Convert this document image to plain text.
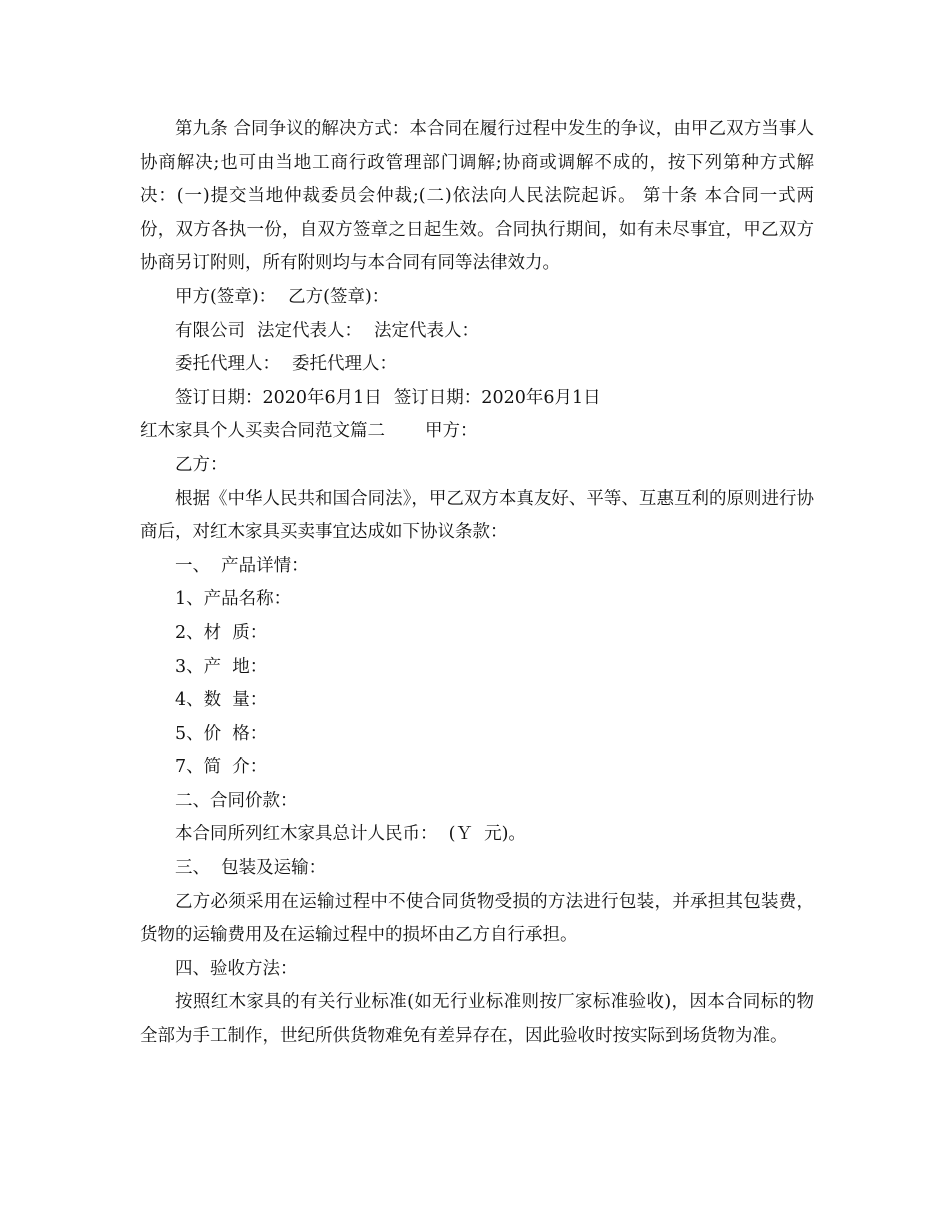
第九条 合同争议的解决方式：本合同在履行过程中发生的争议，由甲乙双方当事人协商解决;也可由当地工商行政管理部门调解;协商或调解不成的，按下列第种方式解决：(一)提交当地仲裁委员会仲裁;(二)依法向人民法院起诉。 第十条 本合同一式两份，双方各执一份，自双方签章之日起生效。合同执行期间，如有未尽事宜，甲乙双方协商另订附则，所有附则均与本合同有同等法律效力。

甲方(签章)： 乙方(签章)：
有限公司 法定代表人： 法定代表人：
委托代理人： 委托代理人：
签订日期：2020年6月1日 签订日期：2020年6月1日
红木家具个人买卖合同范文篇二 甲方：
乙方：

根据《中华人民共和国合同法》，甲乙双方本真友好、平等、互惠互利的原则进行协商后，对红木家具买卖事宜达成如下协议条款：

一、  产品详情：
1、产品名称：
2、材  质：
3、产  地：
4、数  量：
5、价  格：
7、简  介：
二、合同价款：
本合同所列红木家具总计人民币：  (Ｙ  元)。
三、  包装及运输：

乙方必须采用在运输过程中不使合同货物受损的方法进行包装，并承担其包装费，货物的运输费用及在运输过程中的损坏由乙方自行承担。

四、验收方法：

按照红木家具的有关行业标准(如无行业标准则按厂家标准验收)，因本合同标的物全部为手工制作，世纪所供货物难免有差异存在，因此验收时按实际到场货物为准。
